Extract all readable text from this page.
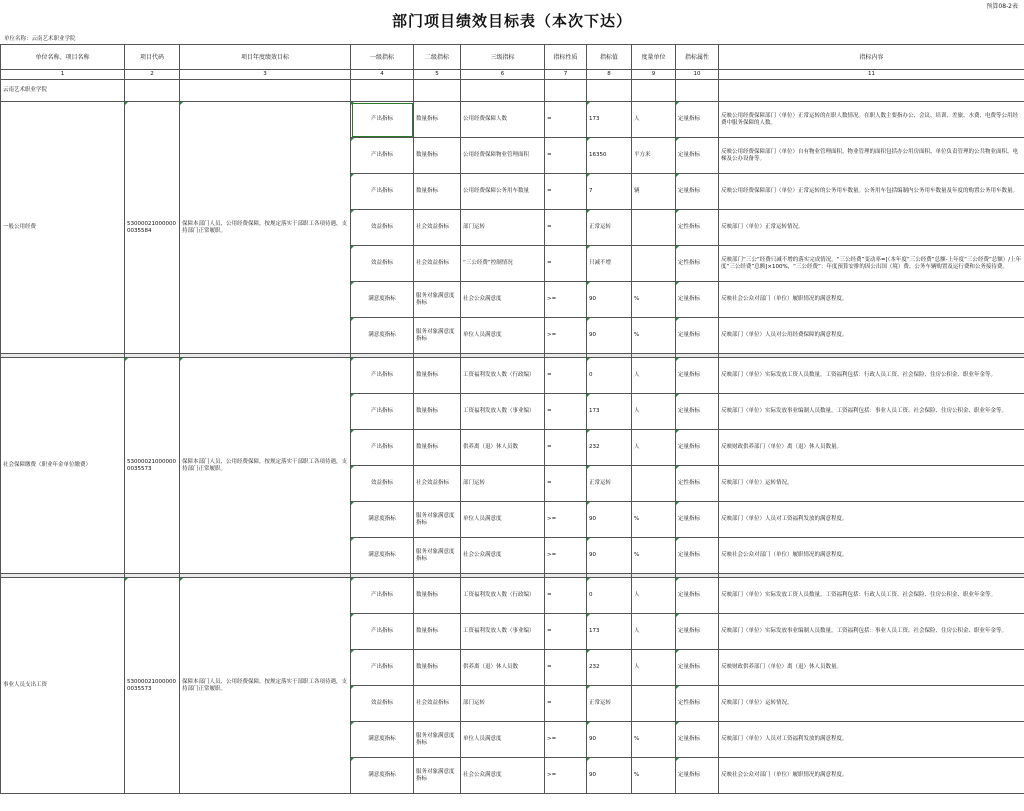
预算08-2表
部门项目绩效目标表（本次下达）
单位名称：云南艺术职业学院
单位名称、项目名称	项目代码	项目年度绩效目标	一级指标	二级指标	三级指标	指标性质	指标值	度量单位	指标属性	指标内容
1	2	3	4	5	6	7	8	9	10	11
云南艺术职业学院										
一般公用经费	530000210000000035584	保障本部门人员、公用经费保障，按规定落实干部职工各项待遇，支持部门正常履职。	产出指标	数量指标	公用经费保障人数	=	173	人	定量指标	反映公用经费保障部门（单位）正常运转的在职人数情况。在职人数主要指办公、会议、培训、差旅、水费、电费等公用经费中服务保障的人数。
			产出指标	数量指标	公用经费保障物业管理面积	=	16350	平方米	定量指标	反映公用经费保障部门（单位）自有物业管理面积。物业管理的面积包括办公用房面积、单位负责管理的公共物业面积、电梯及公办设备等。
			产出指标	数量指标	公用经费保障公务用车数量	=	7	辆	定量指标	反映公用经费保障部门（单位）正常运转的公务用车数量。公务用车包括编制内公务用车数量及年度的购置公务用车数量。
			效益指标	社会效益指标	部门运转	=	正常运转		定性指标	反映部门（单位）正常运转情况。
			效益指标	社会效益指标	“三公经费”控制情况	=	只减不增		定性指标	反映部门“三公”经费只减不增的落实完成情况。“三公经费”变动率=[（本年度“三公经费”总额-上年度“三公经费”总额）/上年度“三公经费”总额]×100%，“三公经费”：年度预算安排的因公出国（境）费、公务车辆购置及运行费和公务接待费。
			满意度指标	服务对象满意度指标	社会公众满意度	>=	90	%	定量指标	反映社会公众对部门（单位）履职情况的满意程度。
			满意度指标	服务对象满意度指标	单位人员满意度	>=	90	%	定量指标	反映部门（单位）人员对公用经费保障的满意程度。

社会保障缴费（职业年金单位缴费）	530000210000000035573	保障本部门人员、公用经费保障，按规定落实干部职工各项待遇，支持部门正常履职。	产出指标	数量指标	工资福利发放人数（行政编）	=	0	人	定量指标	反映部门（单位）实际发放工资人员数量。工资福利包括：行政人员工资、社会保险、住房公积金、职业年金等。
			产出指标	数量指标	工资福利发放人数（事业编）	=	173	人	定量指标	反映部门（单位）实际发放事业编制人员数量。工资福利包括：事业人员工资、社会保险、住房公积金、职业年金等。
			产出指标	数量指标	供养离（退）休人员数	=	232	人	定量指标	反映财政供养部门（单位）离（退）休人员数量。
			效益指标	社会效益指标	部门运转	=	正常运转		定性指标	反映部门（单位）运转情况。
			满意度指标	服务对象满意度指标	单位人员满意度	>=	90	%	定量指标	反映部门（单位）人员对工资福利发放的满意程度。
			满意度指标	服务对象满意度指标	社会公众满意度	>=	90	%	定量指标	反映社会公众对部门（单位）履职情况的满意程度。

事业人员支出工资	530000210000000035573	保障本部门人员、公用经费保障，按规定落实干部职工各项待遇，支持部门正常履职。	产出指标	数量指标	工资福利发放人数（行政编）	=	0	人	定量指标	反映部门（单位）实际发放工资人员数量。工资福利包括：行政人员工资、社会保险、住房公积金、职业年金等。
			产出指标	数量指标	工资福利发放人数（事业编）	=	173	人	定量指标	反映部门（单位）实际发放事业编制人员数量。工资福利包括：事业人员工资、社会保险、住房公积金、职业年金等。
			产出指标	数量指标	供养离（退）休人员数	=	232	人	定量指标	反映财政供养部门（单位）离（退）休人员数量。
			效益指标	社会效益指标	部门运转	=	正常运转		定性指标	反映部门（单位）运转情况。
			满意度指标	服务对象满意度指标	单位人员满意度	>=	90	%	定量指标	反映部门（单位）人员对工资福利发放的满意程度。
			满意度指标	服务对象满意度指标	社会公众满意度	>=	90	%	定量指标	反映社会公众对部门（单位）履职情况的满意程度。
